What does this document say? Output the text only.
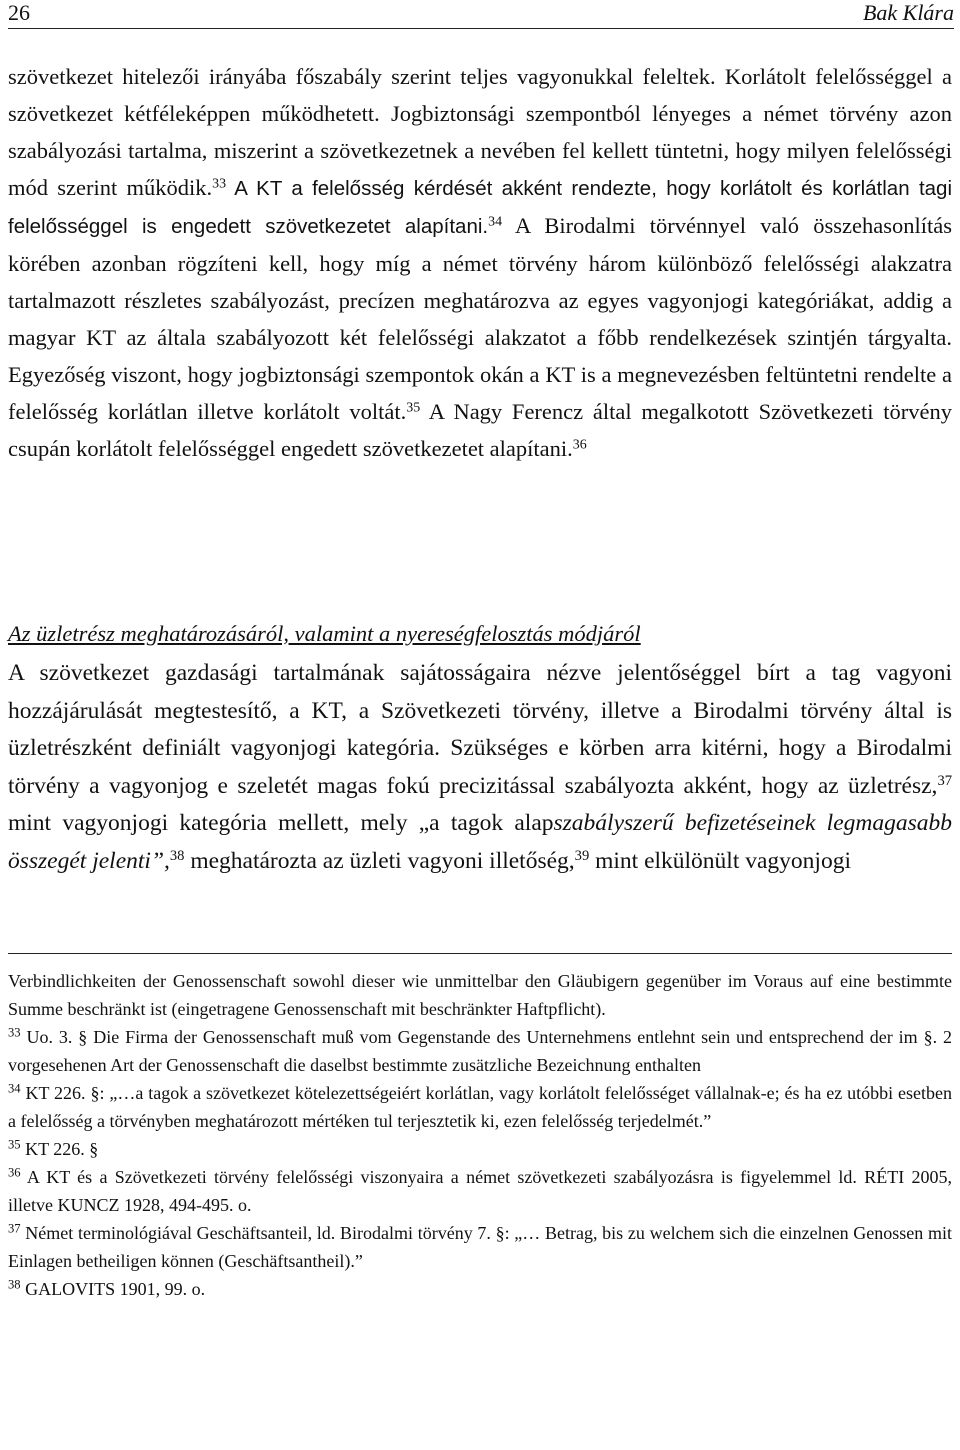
26	Bak Klára

szövetkezet hitelezői irányába főszabály szerint teljes vagyonukkal feleltek. Korlátolt felelősséggel a szövetkezet kétféleképpen működhetett. Jogbiztonsági szempontból lényeges a német törvény azon szabályozási tartalma, miszerint a szövetkezetnek a nevében fel kellett tüntetni, hogy milyen felelősségi mód szerint működik.$^{33}$ A KT a felelősség kérdését akként rendezte, hogy korlátolt és korlátlan tagi felelősséggel is engedett szövetkezetet alapítani.$^{34}$ A Birodalmi törvénnyel való összehasonlítás körében azonban rögzíteni kell, hogy míg a német törvény három különböző felelősségi alakzatra tartalmazott részletes szabályozást, precízen meghatározva az egyes vagyonjogi kategóriákat, addig a magyar KT az általa szabályozott két felelősségi alakzatot a főbb rendelkezések szintjén tárgyalta. Egyezőség viszont, hogy jogbiztonsági szempontok okán a KT is a megnevezésben feltüntetni rendelte a felelősség korlátlan illetve korlátolt voltát.$^{35}$ A Nagy Ferencz által megalkotott Szövetkezeti törvény csupán korlátolt felelősséggel engedett szövetkezetet alapítani.$^{36}$

Az üzletrész meghatározásáról, valamint a nyereségfelosztás módjáról

A szövetkezet gazdasági tartalmának sajátosságaira nézve jelentőséggel bírt a tag vagyoni hozzájárulását megtestesítő, a KT, a Szövetkezeti törvény, illetve a Birodalmi törvény által is üzletrészként definiált vagyonjogi kategória. Szükséges e körben arra kitérni, hogy a Birodalmi törvény a vagyonjog e szeletét magas fokú precizitással szabályozta akként, hogy az üzletrész,$^{37}$ mint vagyonjogi kategória mellett, mely „a tagok alapszabályszerű befizetéseinek legmagasabb összegét jelenti”,$^{38}$ meghatározta az üzleti vagyoni illetőség,$^{39}$ mint elkülönült vagyonjogi

Verbindlichkeiten der Genossenschaft sowohl dieser wie unmittelbar den Gläubigern gegenüber im Voraus auf eine bestimmte Summe beschränkt ist (eingetragene Genossenschaft mit beschränkter Haftpflicht).

$^{33}$ Uo. 3. § Die Firma der Genossenschaft muß vom Gegenstande des Unternehmens entlehnt sein und entsprechend der im §. 2 vorgesehenen Art der Genossenschaft die daselbst bestimmte zusätzliche Bezeichnung enthalten

$^{34}$ KT 226. §: „…a tagok a szövetkezet kötelezettségeiért korlátlan, vagy korlátolt felelősséget vállalnak-e; és ha ez utóbbi esetben a felelősség a törvényben meghatározott mértéken tul terjesztetik ki, ezen felelősség terjedelmét.”

$^{35}$ KT 226. §

$^{36}$ A KT és a Szövetkezeti törvény felelősségi viszonyaira a német szövetkezeti szabályozásra is figyelemmel ld. RÉTI 2005, illetve KUNCZ 1928, 494-495. o.

$^{37}$ Német terminológiával Geschäftsanteil, ld. Birodalmi törvény 7. §: „… Betrag, bis zu welchem sich die einzelnen Genossen mit Einlagen betheiligen können (Geschäftsantheil).”

$^{38}$ GALOVITS 1901, 99. o.
